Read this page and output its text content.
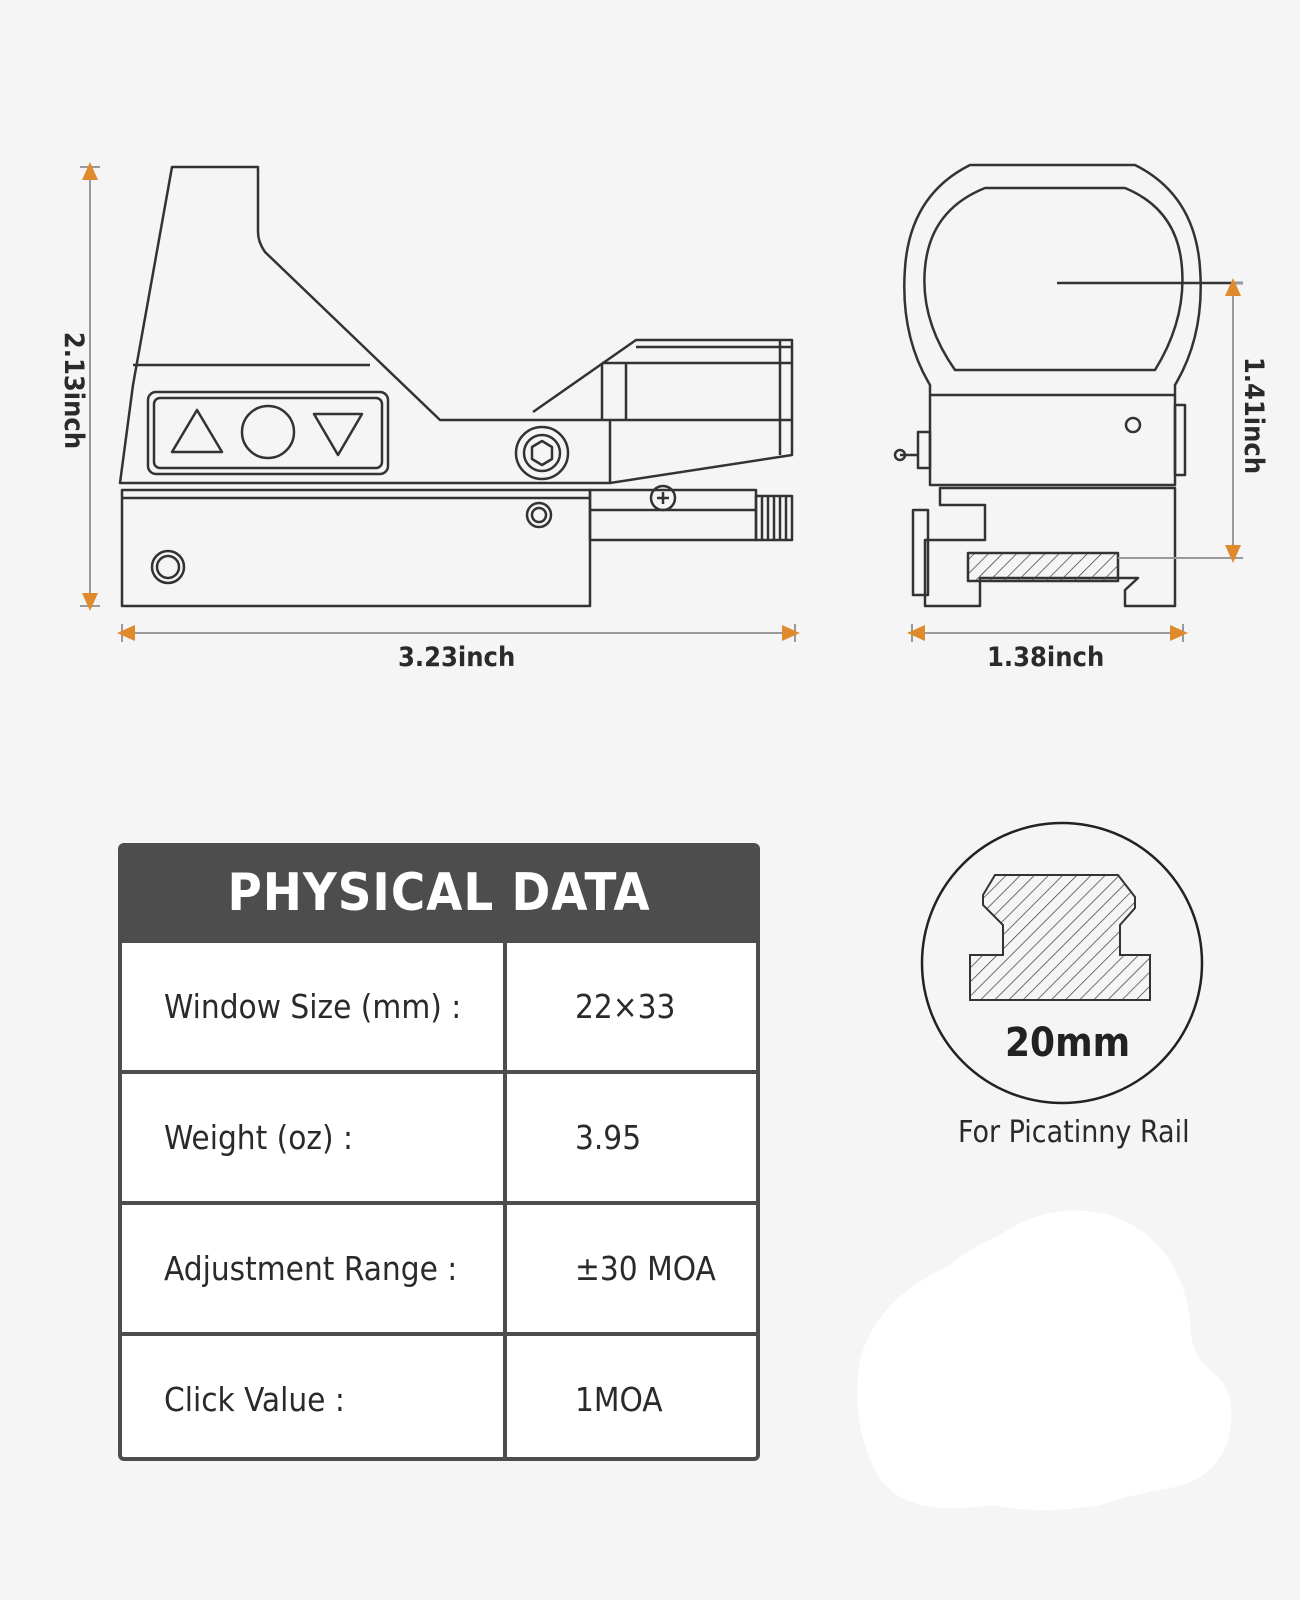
2.13inch
3.23inch
1.41inch
1.38inch
PHYSICAL DATA
Window Size (mm) :	22×33
Weight (oz) :	3.95
Adjustment Range :	±30 MOA
Click Value :	1MOA
20mm
For Picatinny Rail
